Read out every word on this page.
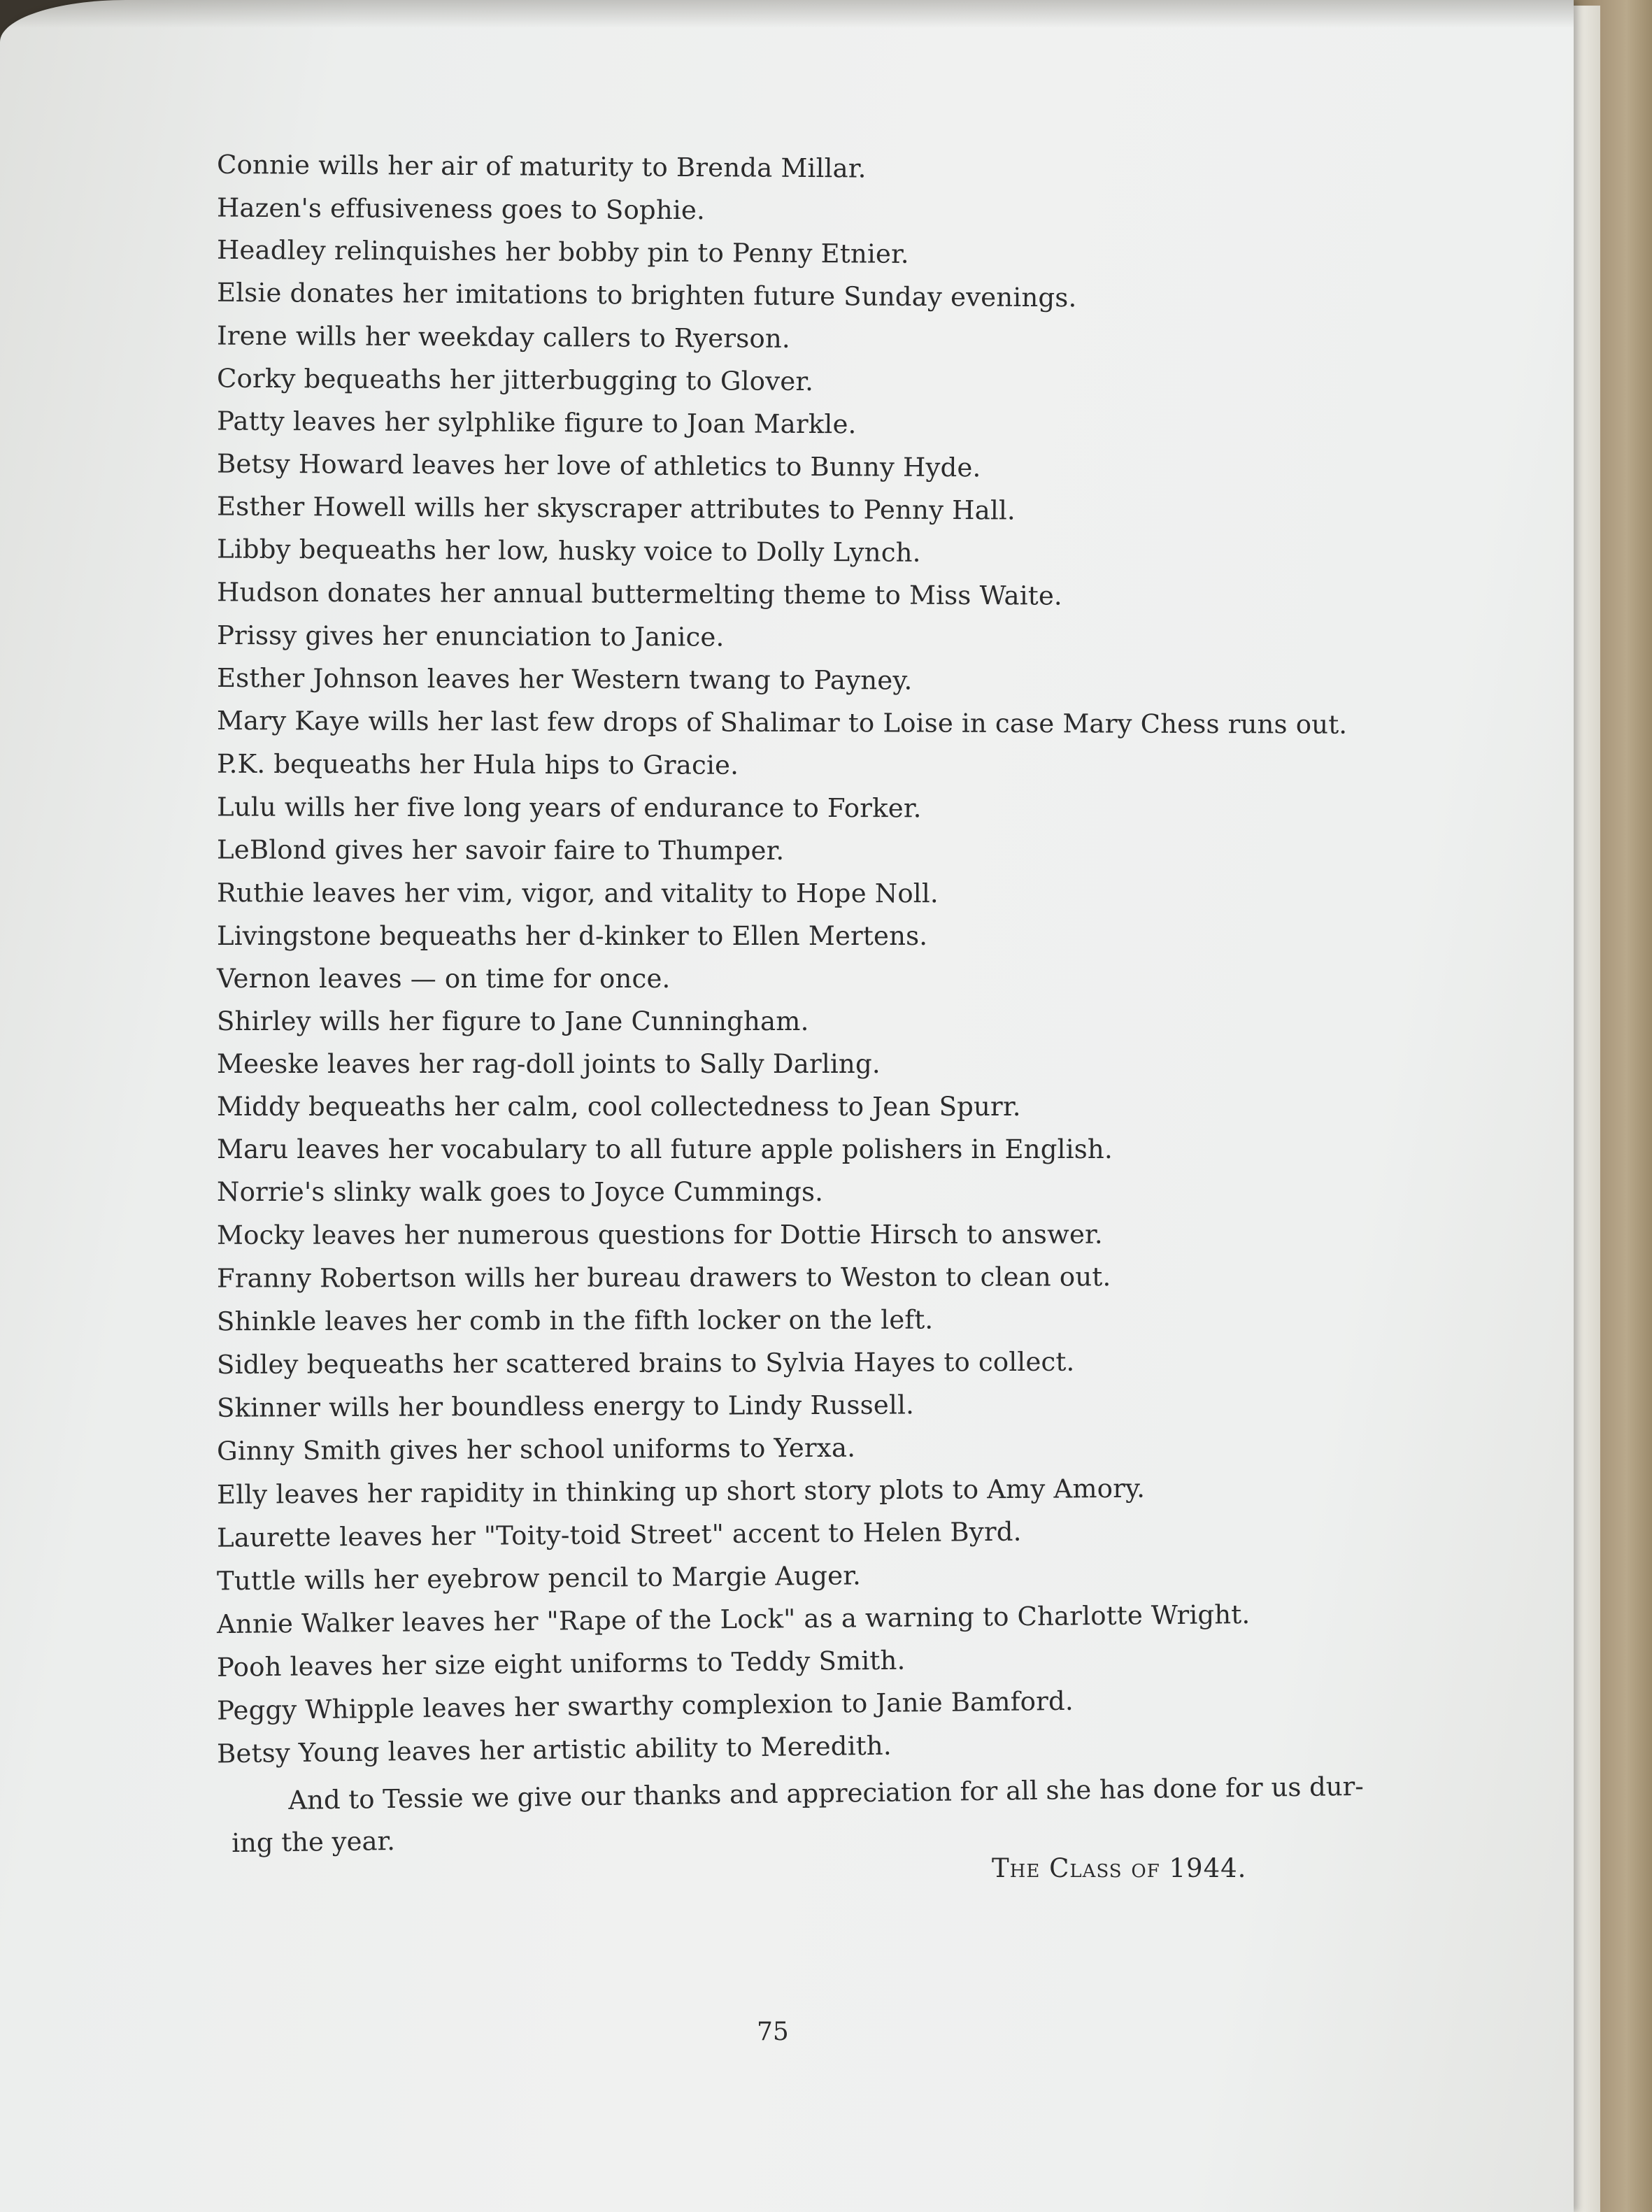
Connie wills her air of maturity to Brenda Millar.
Hazen's effusiveness goes to Sophie.
Headley relinquishes her bobby pin to Penny Etnier.
Elsie donates her imitations to brighten future Sunday evenings.
Irene wills her weekday callers to Ryerson.
Corky bequeaths her jitterbugging to Glover.
Patty leaves her sylphlike figure to Joan Markle.
Betsy Howard leaves her love of athletics to Bunny Hyde.
Esther Howell wills her skyscraper attributes to Penny Hall.
Libby bequeaths her low, husky voice to Dolly Lynch.
Hudson donates her annual buttermelting theme to Miss Waite.
Prissy gives her enunciation to Janice.
Esther Johnson leaves her Western twang to Payney.
Mary Kaye wills her last few drops of Shalimar to Loise in case Mary Chess runs out.
P.K. bequeaths her Hula hips to Gracie.
Lulu wills her five long years of endurance to Forker.
LeBlond gives her savoir faire to Thumper.
Ruthie leaves her vim, vigor, and vitality to Hope Noll.
Livingstone bequeaths her d-kinker to Ellen Mertens.
Vernon leaves — on time for once.
Shirley wills her figure to Jane Cunningham.
Meeske leaves her rag-doll joints to Sally Darling.
Middy bequeaths her calm, cool collectedness to Jean Spurr.
Maru leaves her vocabulary to all future apple polishers in English.
Norrie's slinky walk goes to Joyce Cummings.
Mocky leaves her numerous questions for Dottie Hirsch to answer.
Franny Robertson wills her bureau drawers to Weston to clean out.
Shinkle leaves her comb in the fifth locker on the left.
Sidley bequeaths her scattered brains to Sylvia Hayes to collect.
Skinner wills her boundless energy to Lindy Russell.
Ginny Smith gives her school uniforms to Yerxa.
Elly leaves her rapidity in thinking up short story plots to Amy Amory.
Laurette leaves her "Toity-toid Street" accent to Helen Byrd.
Tuttle wills her eyebrow pencil to Margie Auger.
Annie Walker leaves her "Rape of the Lock" as a warning to Charlotte Wright.
Pooh leaves her size eight uniforms to Teddy Smith.
Peggy Whipple leaves her swarthy complexion to Janie Bamford.
Betsy Young leaves her artistic ability to Meredith.
And to Tessie we give our thanks and appreciation for all she has done for us dur-
ing the year.
The Class of 1944.
75
